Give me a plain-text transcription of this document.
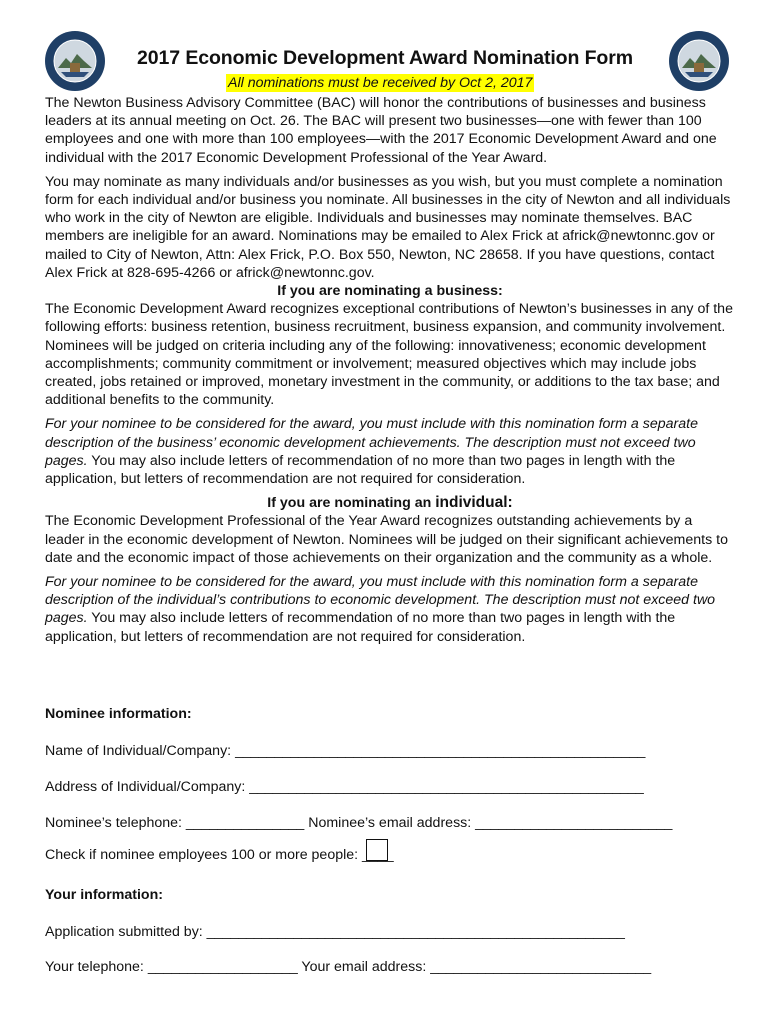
2017 Economic Development Award Nomination Form
All nominations must be received by Oct 2, 2017

The Newton Business Advisory Committee (BAC) will honor the contributions of businesses and business leaders at its annual meeting on Oct. 26. The BAC will present two businesses—one with fewer than 100 employees and one with more than 100 employees—with the 2017 Economic Development Award and one individual with the 2017 Economic Development Professional of the Year Award.

You may nominate as many individuals and/or businesses as you wish, but you must complete a nomination form for each individual and/or business you nominate. All businesses in the city of Newton and all individuals who work in the city of Newton are eligible. Individuals and businesses may nominate themselves. BAC members are ineligible for an award. Nominations may be emailed to Alex Frick at africk@newtonnc.gov or mailed to City of Newton, Attn: Alex Frick, P.O. Box 550, Newton, NC 28658. If you have questions, contact Alex Frick at 828-695-4266 or africk@newtonnc.gov.

If you are nominating a business:

The Economic Development Award recognizes exceptional contributions of Newton’s businesses in any of the following efforts: business retention, business recruitment, business expansion, and community involvement. Nominees will be judged on criteria including any of the following: innovativeness; economic development accomplishments; community commitment or involvement; measured objectives which may include jobs created, jobs retained or improved, monetary investment in the community, or additions to the tax base; and additional benefits to the community.

For your nominee to be considered for the award, you must include with this nomination form a separate description of the business’ economic development achievements. The description must not exceed two pages. You may also include letters of recommendation of no more than two pages in length with the application, but letters of recommendation are not required for consideration.

If you are nominating an individual:

The Economic Development Professional of the Year Award recognizes outstanding achievements by a leader in the economic development of Newton. Nominees will be judged on their significant achievements to date and the economic impact of those achievements on their organization and the community as a whole.

For your nominee to be considered for the award, you must include with this nomination form a separate description of the individual’s contributions to economic development. The description must not exceed two pages. You may also include letters of recommendation of no more than two pages in length with the application, but letters of recommendation are not required for consideration.

Nominee information:
Name of Individual/Company: ____________________________________________________
Address of Individual/Company: __________________________________________________
Nominee’s telephone: _______________ Nominee’s email address: _________________________
Check if nominee employees 100 or more people: ____
Your information:
Application submitted by: _____________________________________________________
Your telephone: ___________________ Your email address: ____________________________
